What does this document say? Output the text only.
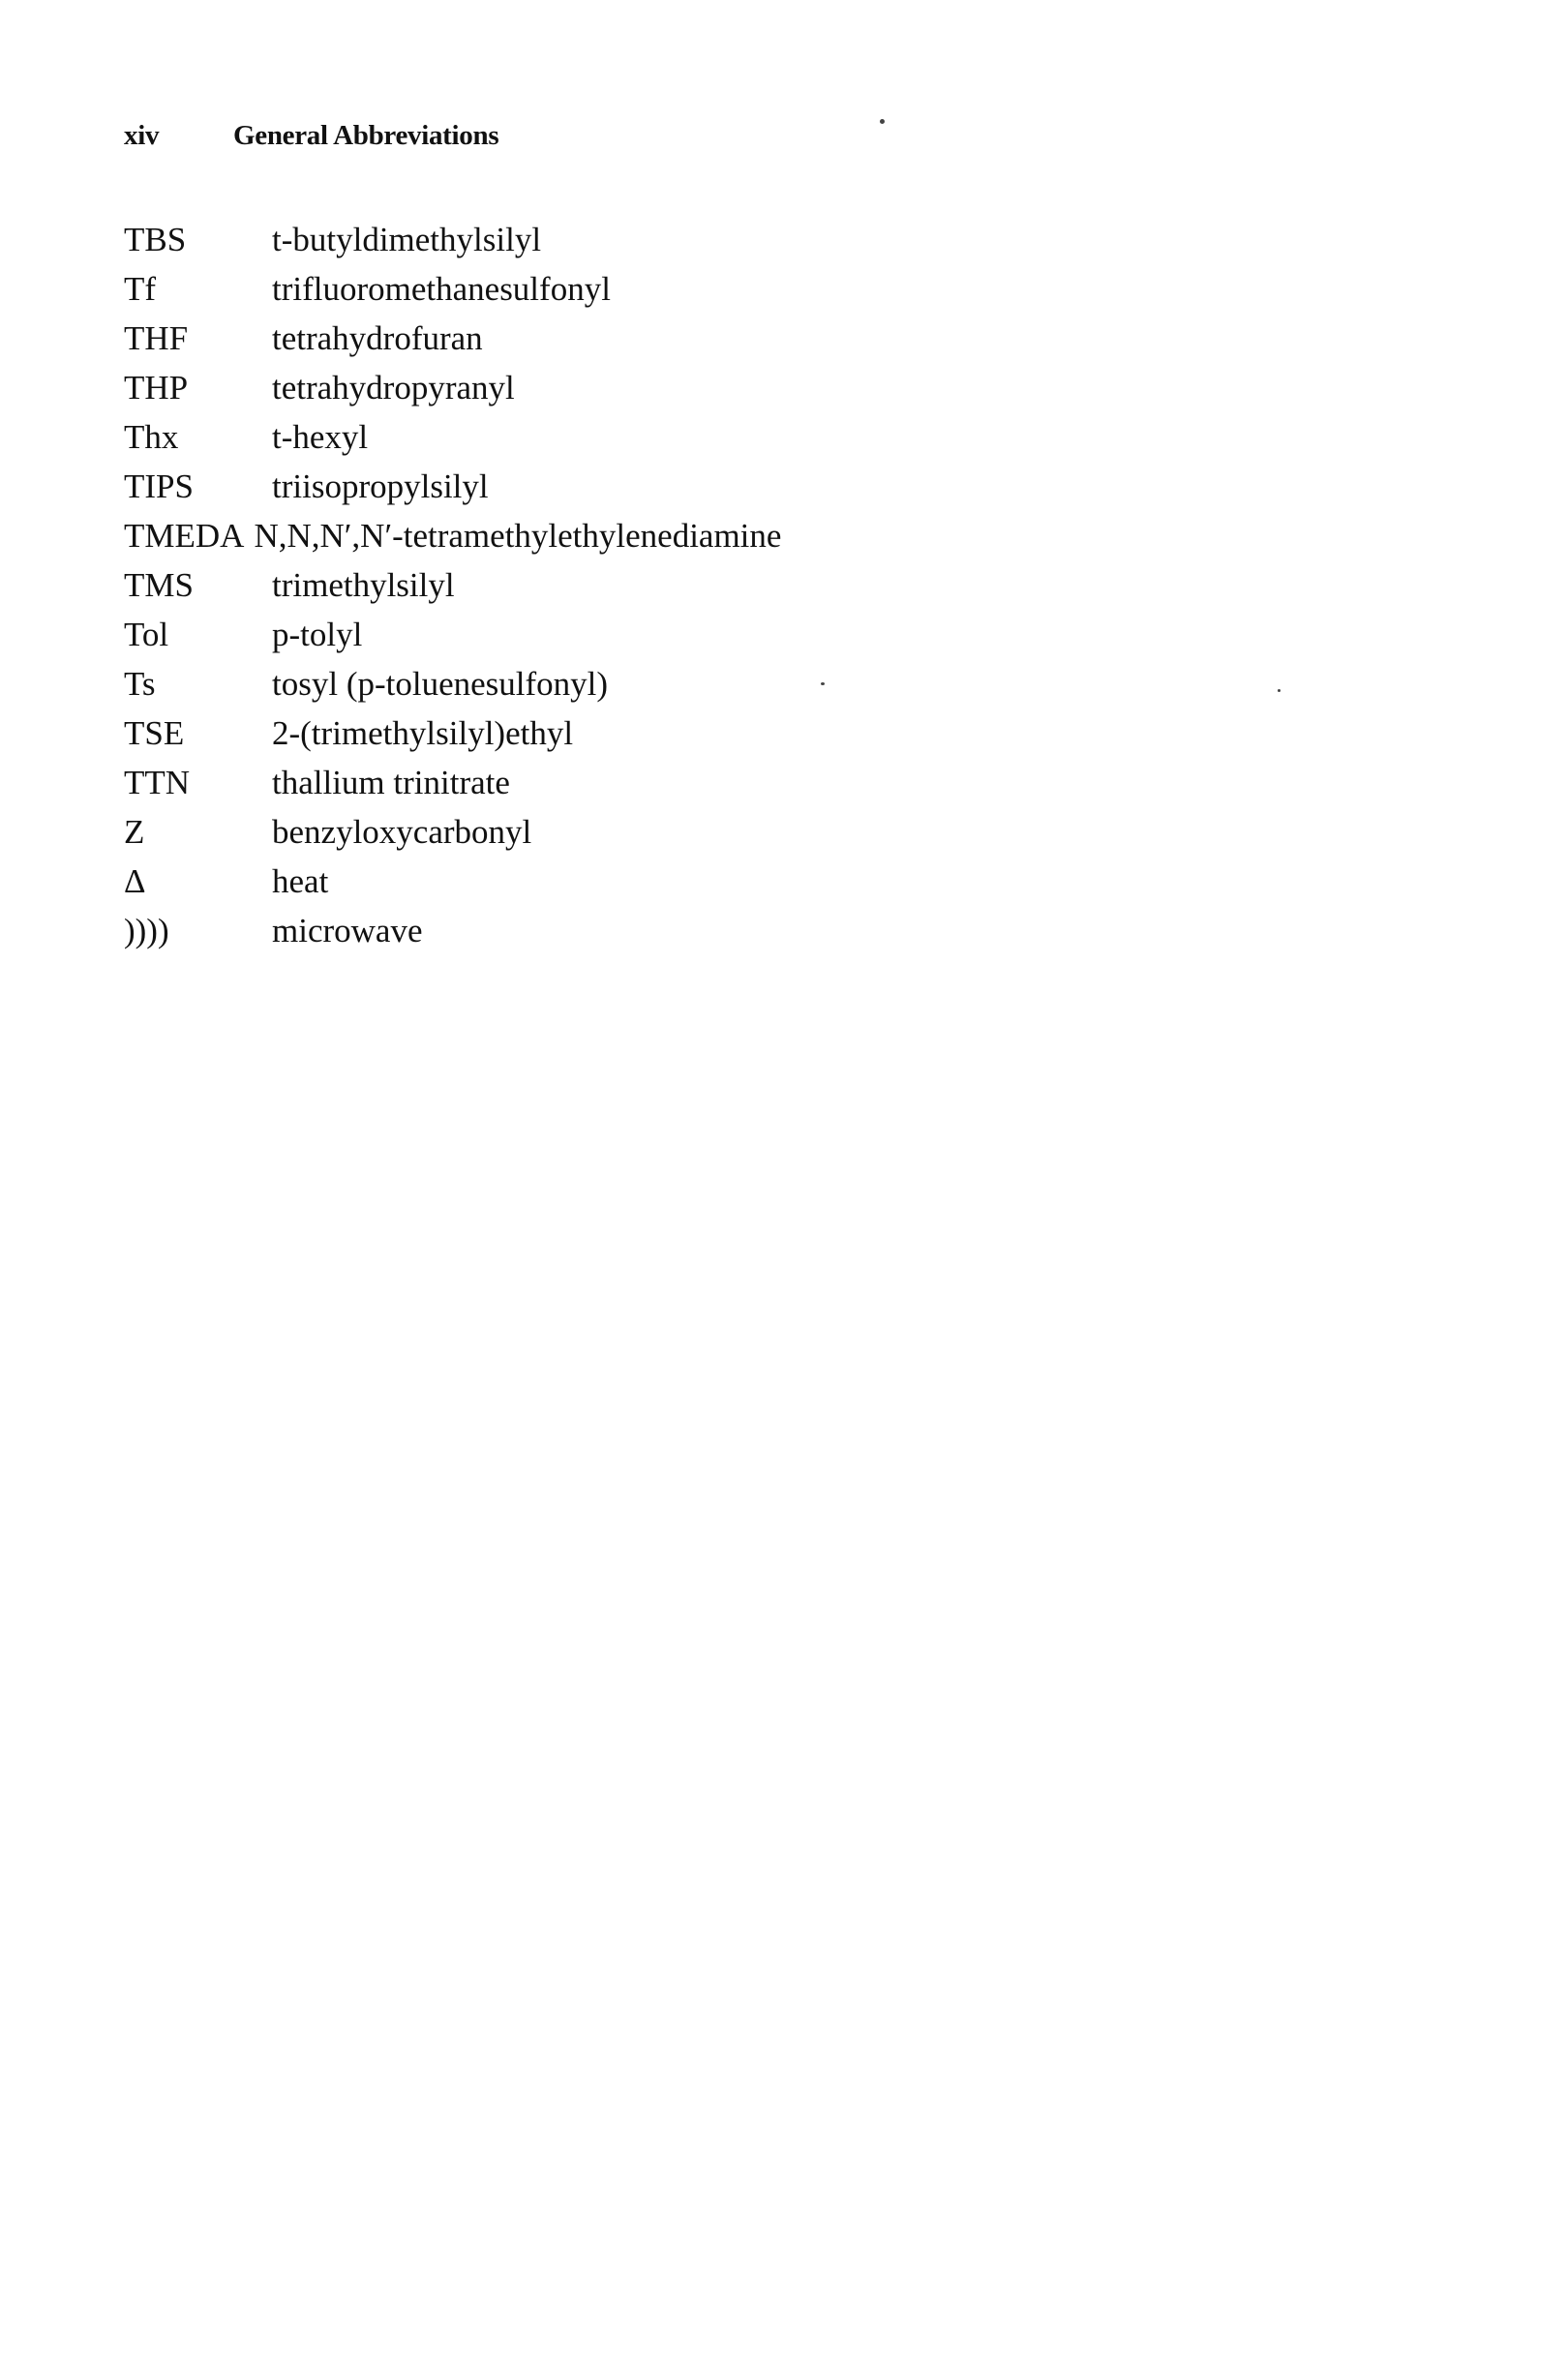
xiv	General Abbreviations
TBS	t-butyldimethylsilyl
Tf	trifluoromethanesulfonyl
THF	tetrahydrofuran
THP	tetrahydropyranyl
Thx	t-hexyl
TIPS	triisopropylsilyl
TMEDA N,N,N′,N′-tetramethylethylenediamine
TMS	trimethylsilyl
Tol	p-tolyl
Ts	tosyl (p-toluenesulfonyl)
TSE	2-(trimethylsilyl)ethyl
TTN	thallium trinitrate
Z	benzyloxycarbonyl
Δ	heat
))))	microwave
